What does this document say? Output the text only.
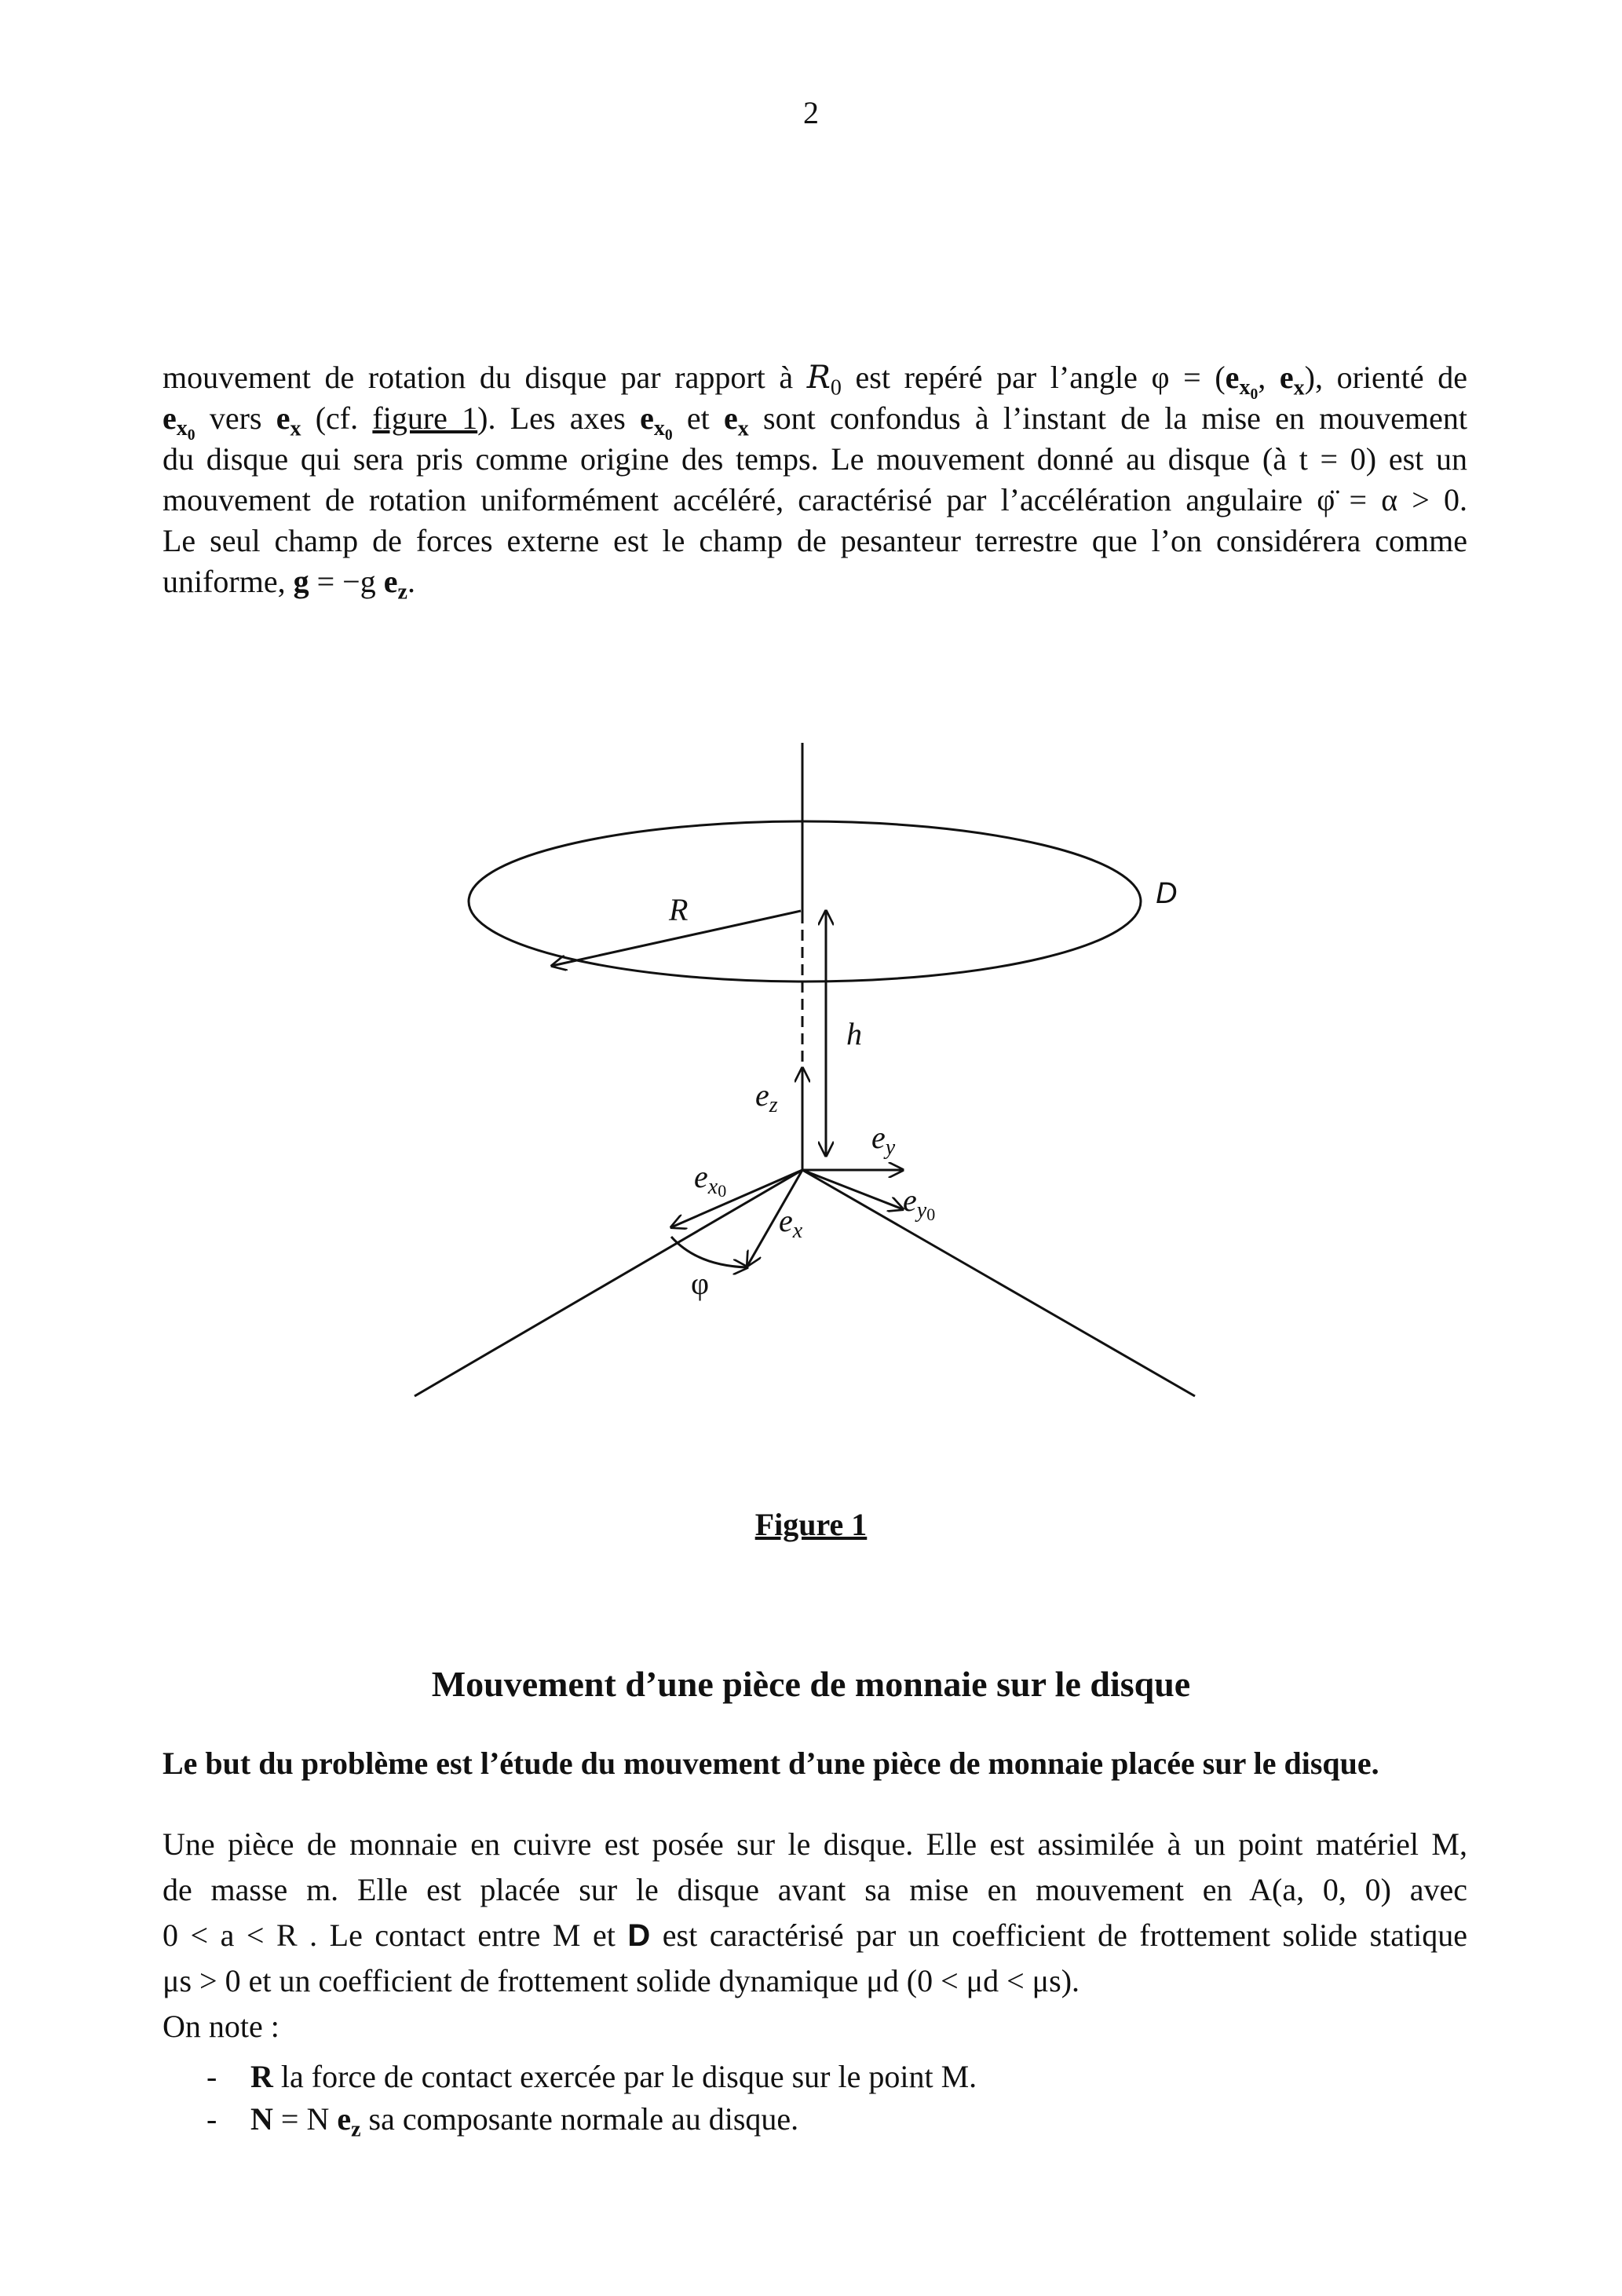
2

mouvement de rotation du disque par rapport à $R_0$ est repéré par l’angle $\varphi = (e_{x_0}$, $e_x$), orienté de

$e_{x_0}$ vers $e_x$ (cf. figure 1). Les axes $e_{x_0}$ et $e_x$ sont confondus à l’instant de la mise en mouvement

du disque qui sera pris comme origine des temps. Le mouvement donné au disque (à t = 0) est un

mouvement de rotation uniformément accéléré, caractérisé par l’accélération angulaire φ̈ = α > 0.

Le seul champ de forces externe est le champ de pesanteur terrestre que l’on considérera comme

uniforme, g = −g $e_z$.

R	D
h
$e_z$
$e_y$
$e_x0$	$e_y0$
$e_x$
φ
Figure 1
Mouvement d’une pièce de monnaie sur le disque
Le but du problème est l’étude du mouvement d’une pièce de monnaie placée sur le disque.

Une pièce de monnaie en cuivre est posée sur le disque. Elle est assimilée à un point matériel M,

de masse m. Elle est placée sur le disque avant sa mise en mouvement en A(a, 0, 0) avec

0 < a < R . Le contact entre M et D est caractérisé par un coefficient de frottement solide statique

μs > 0 et un coefficient de frottement solide dynamique μd (0 < μd < μs).

On note :

-	R la force de contact exercée par le disque sur le point M.
-	N = N $e_z$ sa composante normale au disque.
